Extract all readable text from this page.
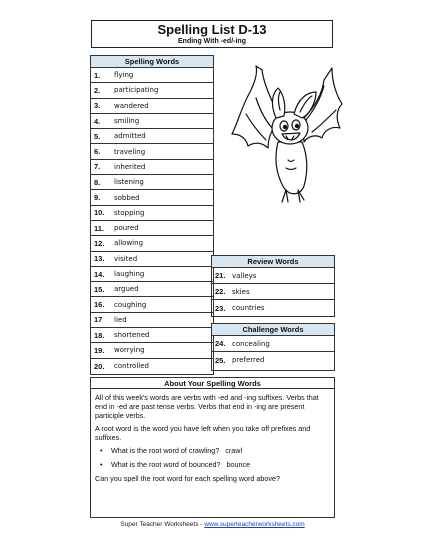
Spelling List D-13
Ending With -ed/-ing
Spelling Words
1.	flying
2.	participating
3.	wandered
4.	smiling
5.	admitted
6.	traveling
7.	inherited
8.	listening
9.	sobbed
10.	stopping
11.	poured
12.	allowing
13.	visited
14.	laughing
15.	argued
16.	coughing
17	lied
18.	shortened
19.	worrying
20.	controlled
Review Words
21. valleys
22. skies
23. countries
Challenge Words
24. concealing
25. preferred
About Your Spelling Words

All of this week's words are verbs with -ed and -ing suffixes. Verbs that end in -ed are past tense verbs. Verbs that end in -ing are present participle verbs.

A root word is the word you have left when you take off prefixes and suffixes.

• What is the root word of crawling? crawl
• What is the root word of bounced? bounce

Can you spell the root word for each spelling word above?

Super Teacher Worksheets - www.superteacherworksheets.com
